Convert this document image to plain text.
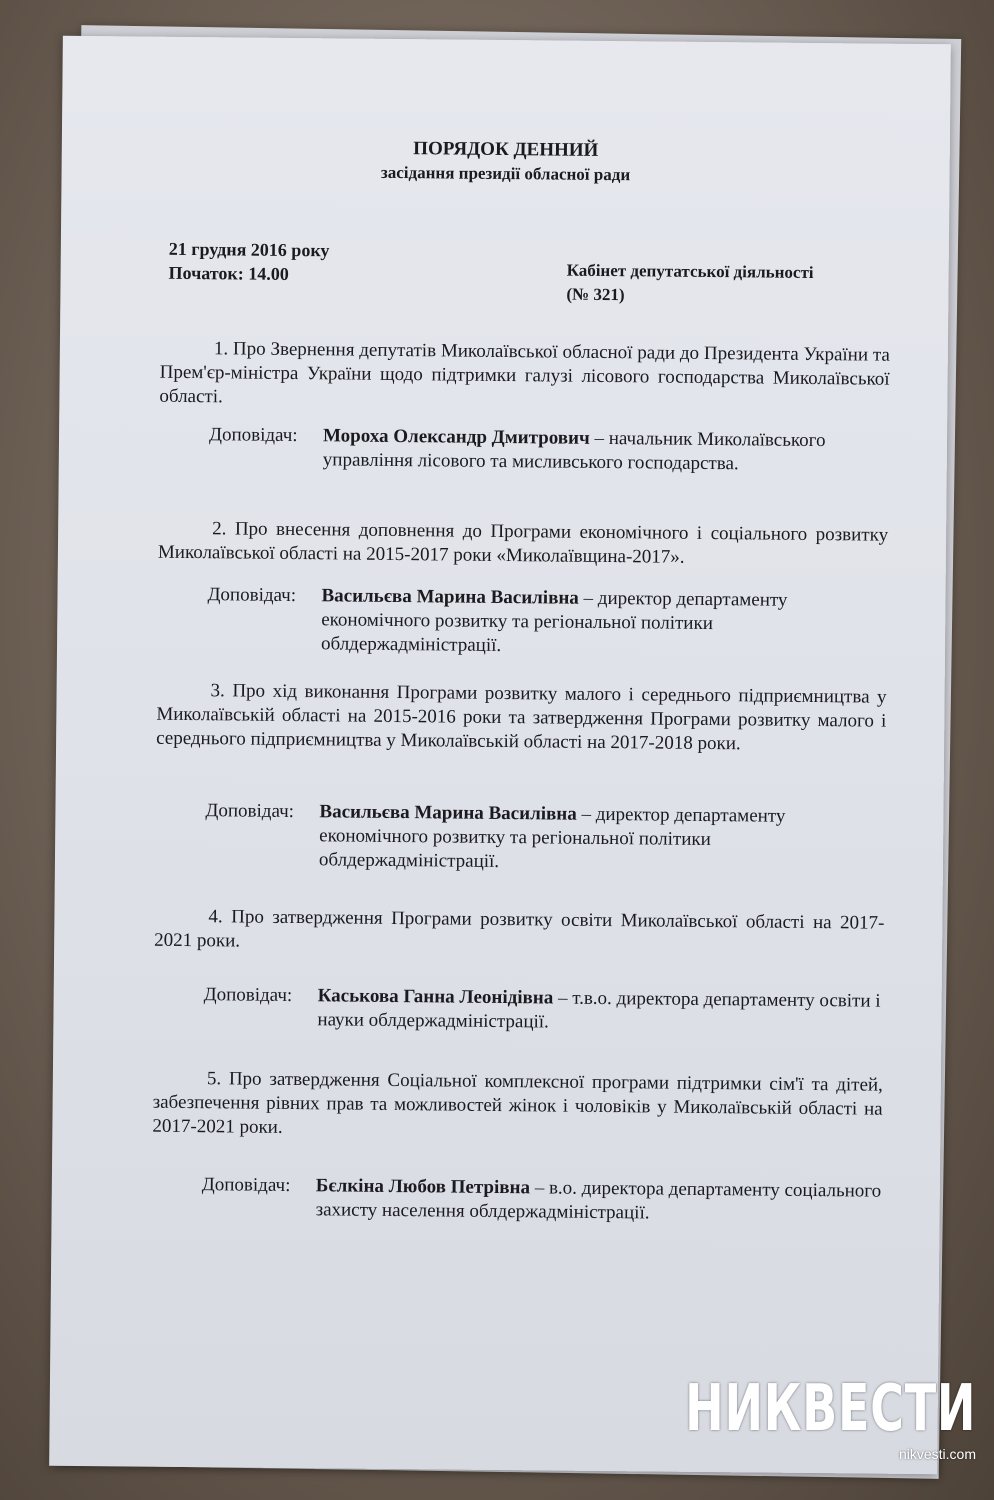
ПОРЯДОК ДЕННИЙ
засідання президії обласної ради
21 грудня 2016 року
Початок: 14.00	Кабінет депутатської діяльності
(№ 321)
1. Про Звернення депутатів Миколаївської обласної ради до Президента України та Прем'єр-міністра України щодо підтримки галузі лісового господарства Миколаївської області.
Доповідач: Мороха Олександр Дмитрович – начальник Миколаївського управління лісового та мисливського господарства.
2. Про внесення доповнення до Програми економічного і соціального розвитку Миколаївської області на 2015-2017 роки «Миколаївщина-2017».
Доповідач: Васильєва Марина Василівна – директор департаменту економічного розвитку та регіональної політики облдержадміністрації.
3. Про хід виконання Програми розвитку малого і середнього підприємництва у Миколаївській області на 2015-2016 роки та затвердження Програми розвитку малого і середнього підприємництва у Миколаївській області на 2017-2018 роки.
Доповідач: Васильєва Марина Василівна – директор департаменту економічного розвитку та регіональної політики облдержадміністрації.
4. Про затвердження Програми розвитку освіти Миколаївської області на 2017-2021 роки.
Доповідач: Каськова Ганна Леонідівна – т.в.о. директора департаменту освіти і науки облдержадміністрації.
5. Про затвердження Соціальної комплексної програми підтримки сім'ї та дітей, забезпечення рівних прав та можливостей жінок і чоловіків у Миколаївській області на 2017-2021 роки.
Доповідач: Бєлкіна Любов Петрівна – в.о. директора департаменту соціального захисту населення облдержадміністрації.
НИКВЕСТИ
nikvesti.com
